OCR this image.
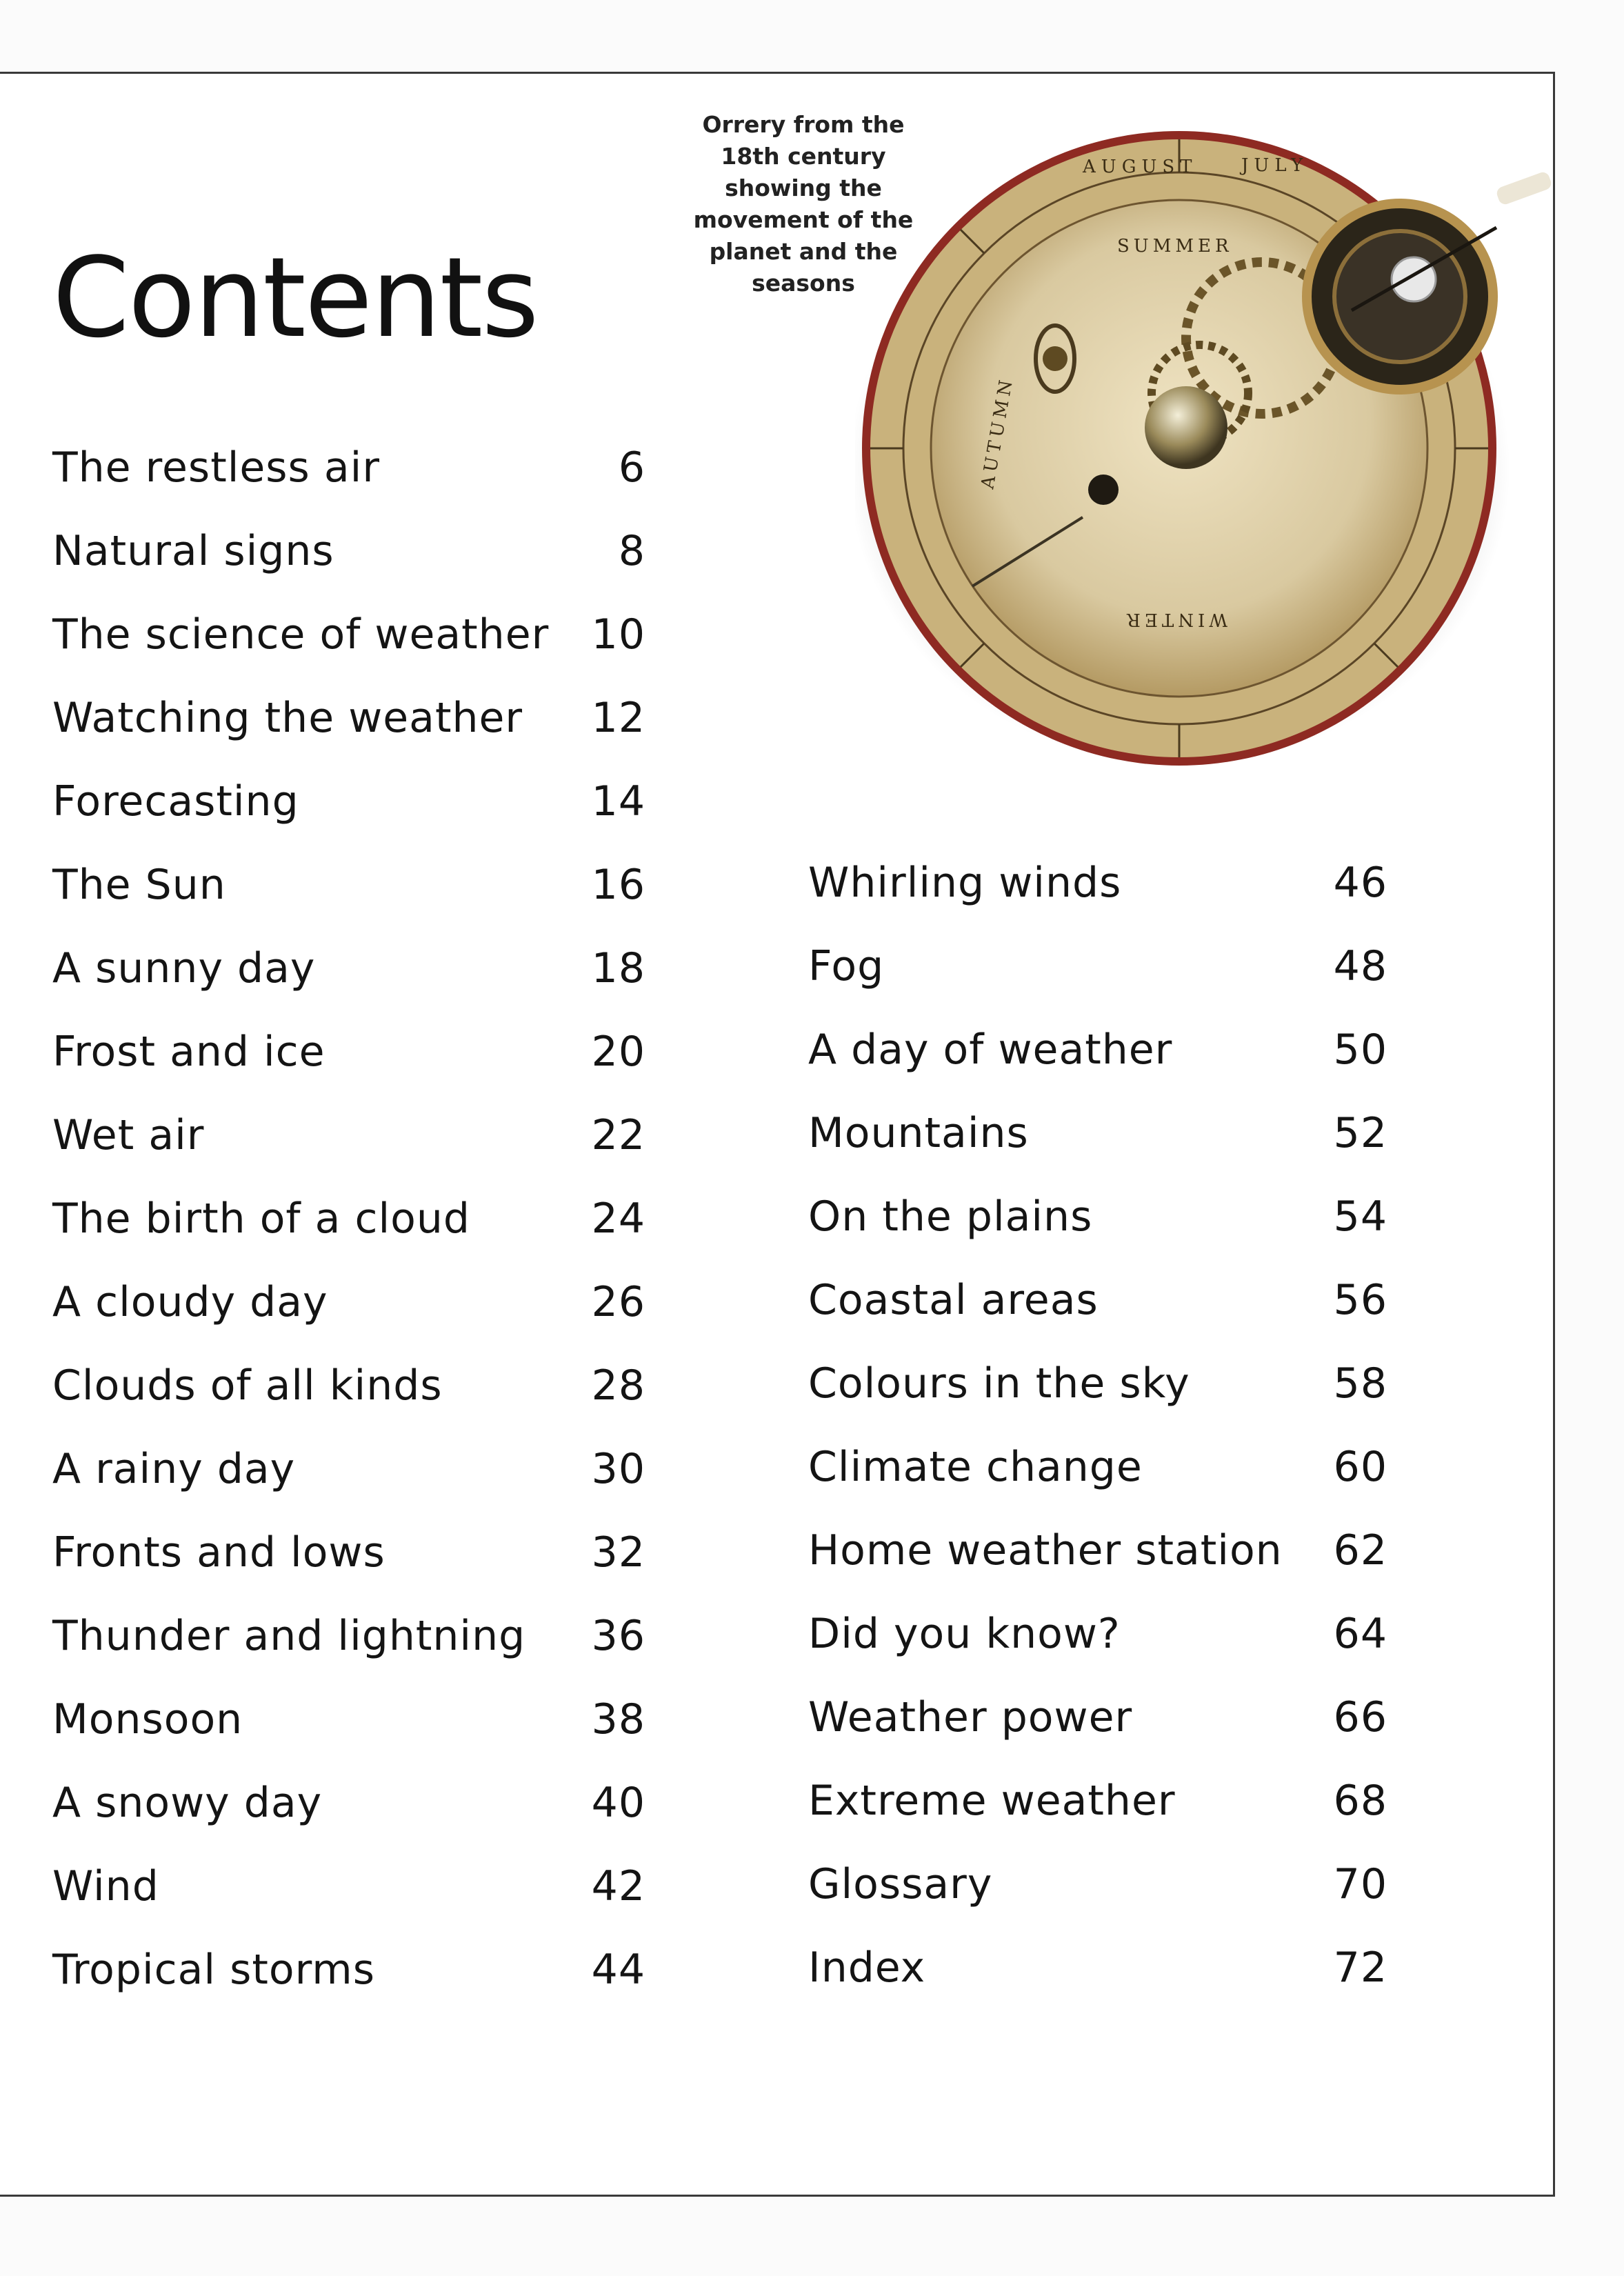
Contents
Orrery from the 18th century showing the movement of the planet and the seasons
AUGUST JULY
SUMMER
AUTUMN
WINTER
The restless air	6
Natural signs	8
The science of weather	10
Watching the weather	12
Forecasting	14
The Sun	16
A sunny day	18
Frost and ice	20
Wet air	22
The birth of a cloud	24
A cloudy day	26
Clouds of all kinds	28
A rainy day	30
Fronts and lows	32
Thunder and lightning	36
Monsoon	38
A snowy day	40
Wind	42
Tropical storms	44
Whirling winds	46
Fog	48
A day of weather	50
Mountains	52
On the plains	54
Coastal areas	56
Colours in the sky	58
Climate change	60
Home weather station	62
Did you know?	64
Weather power	66
Extreme weather	68
Glossary	70
Index	72
